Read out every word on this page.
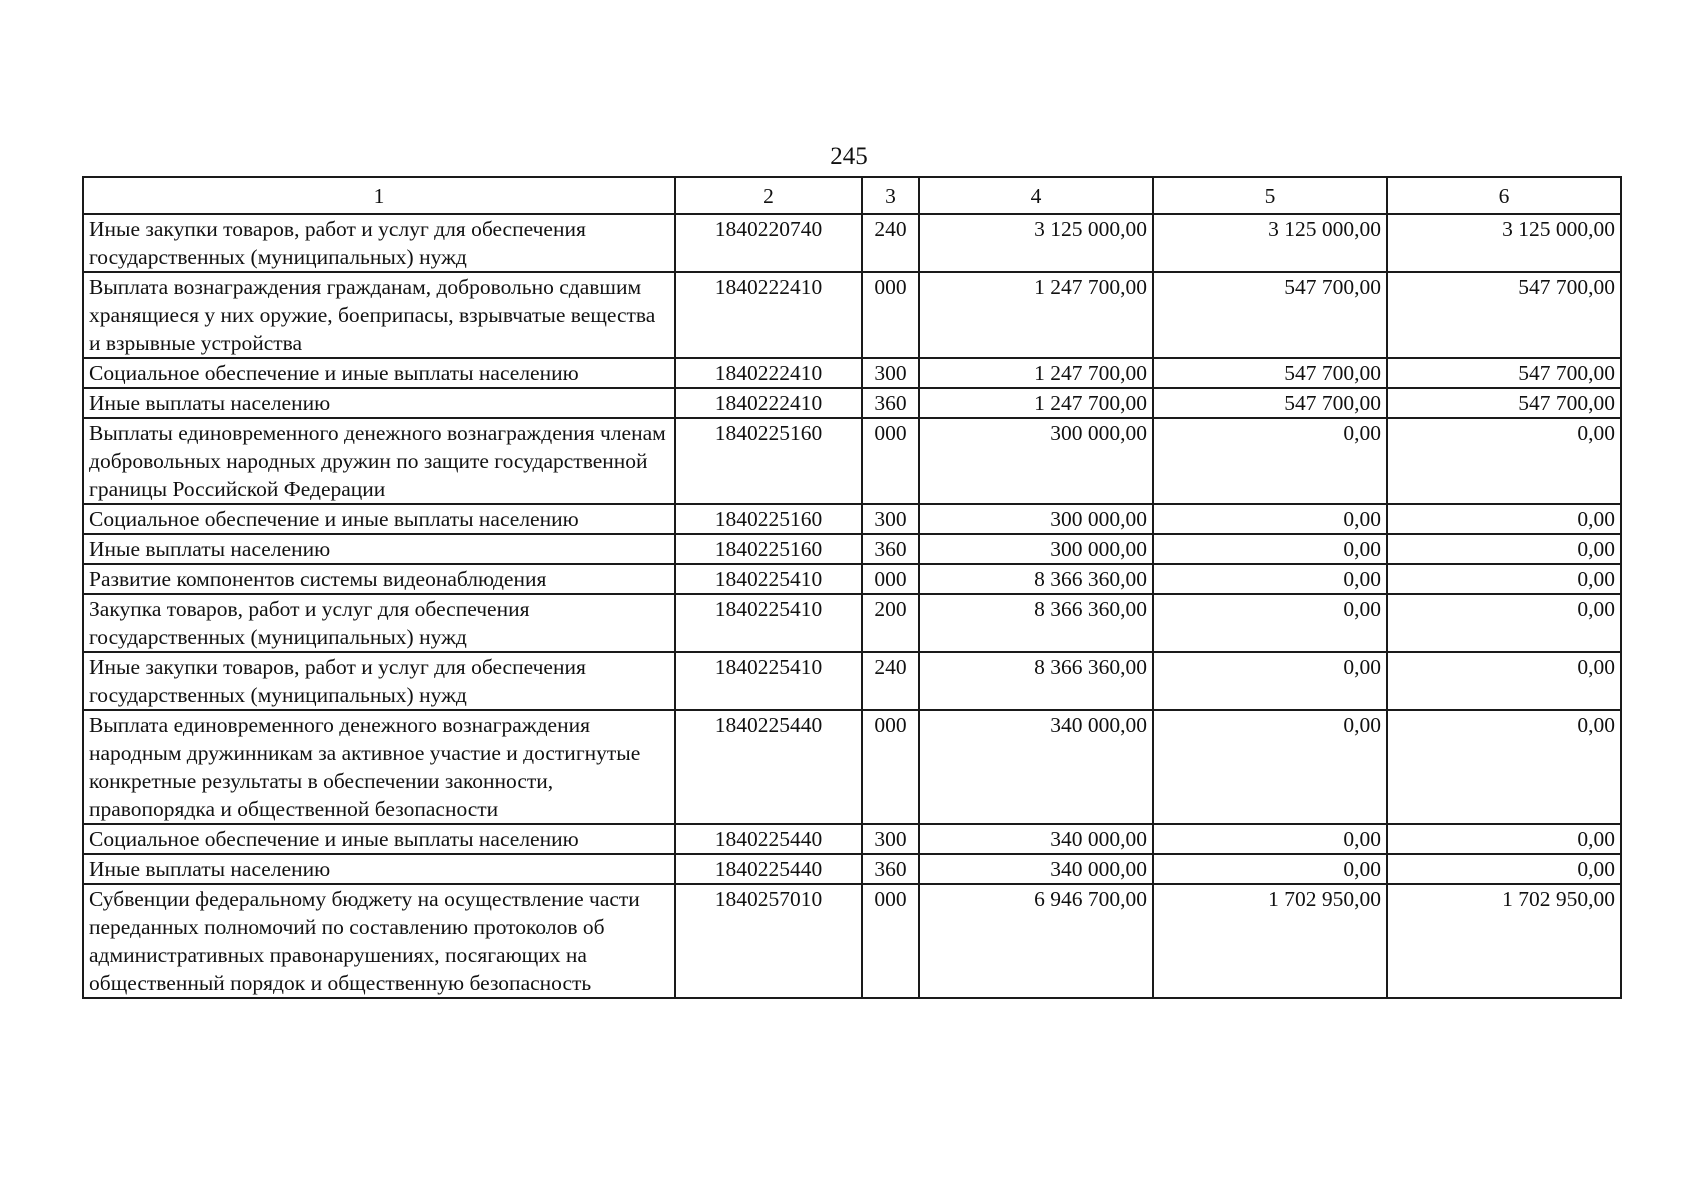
245
1	2	3	4	5	6
Иные закупки товаров, работ и услуг для обеспечения государственных (муниципальных) нужд	1840220740	240	3 125 000,00	3 125 000,00	3 125 000,00
Выплата вознаграждения гражданам, добровольно сдавшим хранящиеся у них оружие, боеприпасы, взрывчатые вещества и взрывные устройства	1840222410	000	1 247 700,00	547 700,00	547 700,00
Социальное обеспечение и иные выплаты населению	1840222410	300	1 247 700,00	547 700,00	547 700,00
Иные выплаты населению	1840222410	360	1 247 700,00	547 700,00	547 700,00
Выплаты единовременного денежного вознаграждения членам добровольных народных дружин по защите государственной границы Российской Федерации	1840225160	000	300 000,00	0,00	0,00
Социальное обеспечение и иные выплаты населению	1840225160	300	300 000,00	0,00	0,00
Иные выплаты населению	1840225160	360	300 000,00	0,00	0,00
Развитие компонентов системы видеонаблюдения	1840225410	000	8 366 360,00	0,00	0,00
Закупка товаров, работ и услуг для обеспечения государственных (муниципальных) нужд	1840225410	200	8 366 360,00	0,00	0,00
Иные закупки товаров, работ и услуг для обеспечения государственных (муниципальных) нужд	1840225410	240	8 366 360,00	0,00	0,00
Выплата единовременного денежного вознаграждения народным дружинникам за активное участие и достигнутые конкретные результаты в обеспечении законности, правопорядка и общественной безопасности	1840225440	000	340 000,00	0,00	0,00
Социальное обеспечение и иные выплаты населению	1840225440	300	340 000,00	0,00	0,00
Иные выплаты населению	1840225440	360	340 000,00	0,00	0,00
Субвенции федеральному бюджету на осуществление части переданных полномочий по составлению протоколов об административных правонарушениях, посягающих на общественный порядок и общественную безопасность	1840257010	000	6 946 700,00	1 702 950,00	1 702 950,00
